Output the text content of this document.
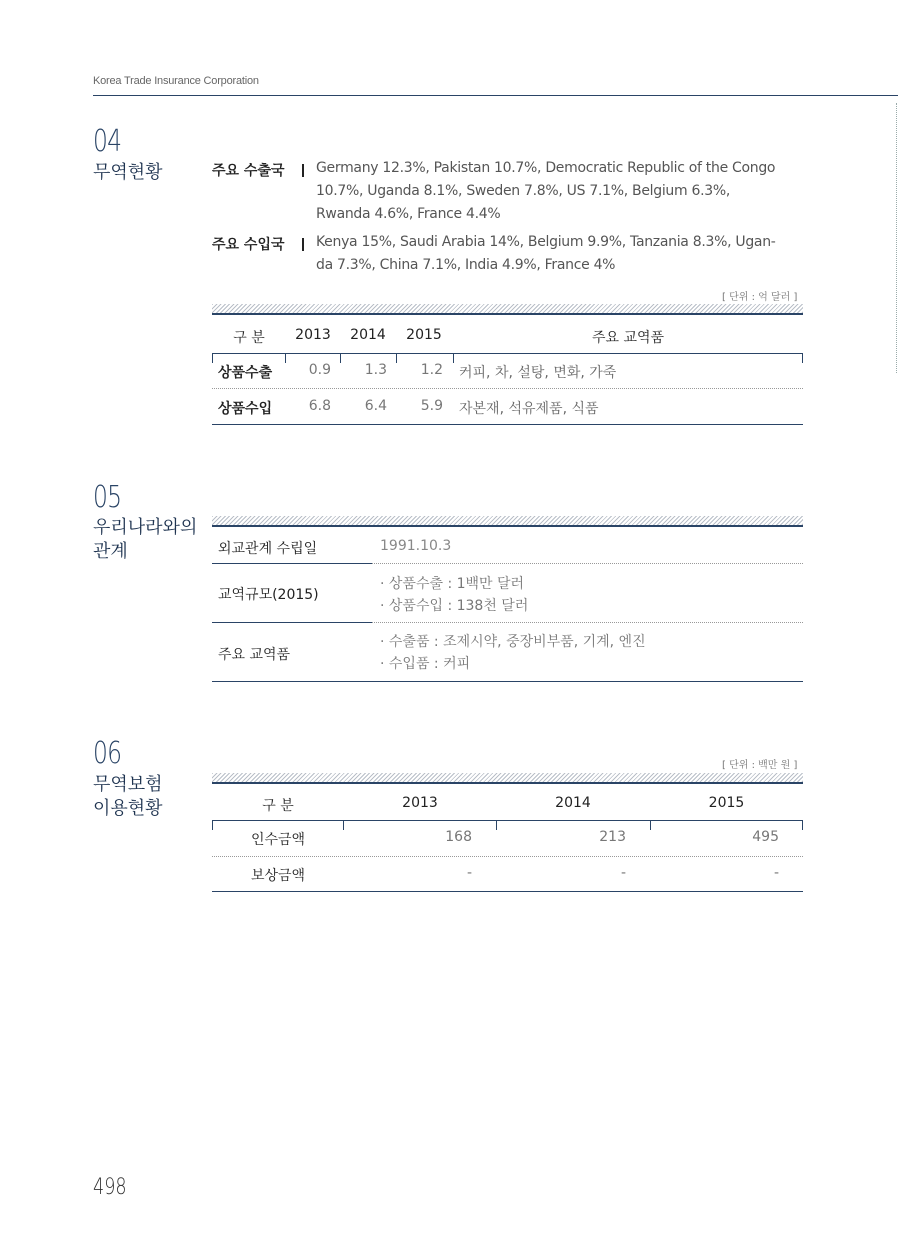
Korea Trade Insurance Corporation
04
무역현황	주요 수출국 Germany 12.3%, Pakistan 10.7%, Democratic Republic of the Congo
10.7%, Uganda 8.1%, Sweden 7.8%, US 7.1%, Belgium 6.3%,
Rwanda 4.6%, France 4.4%
주요 수입국 Kenya 15%, Saudi Arabia 14%, Belgium 9.9%, Tanzania 8.3%, Ugan-
da 7.3%, China 7.1%, India 4.9%, France 4%
[ 단위 : 억 달러 ]
구 분	2013	2014	2015	주요 교역품
상품수출	0.9	1.3	1.2 커피, 차, 설탕, 면화, 가죽
상품수입	6.8	6.4	5.9 자본재, 석유제품, 식품
05
우리나라와의
관계	외교관계 수립일	1991.10.3
교역규모(2015)
· 상품수출 : 1백만 달러
· 상품수입 : 138천 달러
주요 교역품
· 수출품 : 조제시약, 중장비부품, 기계, 엔진
· 수입품 : 커피
06
무역보험
이용현황
[ 단위 : 백만 원 ]
구 분	2013	2014	2015
인수금액	168	213	495
보상금액	-	-	-
498
